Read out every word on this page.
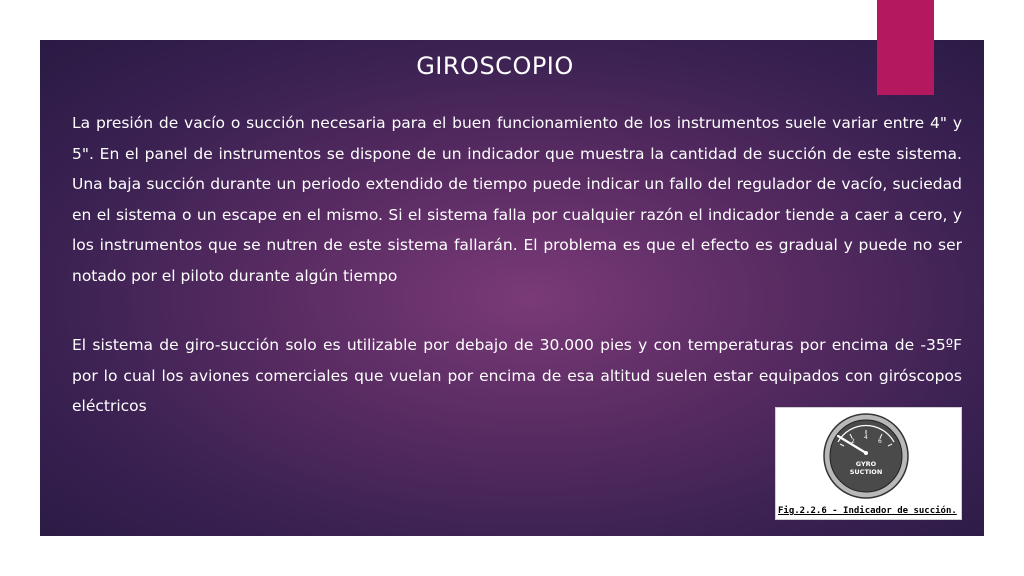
GIROSCOPIO

La presión de vacío o succión necesaria para el buen funcionamiento de los instrumentos suele variar entre 4" y 5". En el panel de instrumentos se dispone de un indicador que muestra la cantidad de succión de este sistema. Una baja succión durante un periodo extendido de tiempo puede indicar un fallo del regulador de vacío, suciedad en el sistema o un escape en el mismo. Si el sistema falla por cualquier razón el indicador tiende a caer a cero, y los instrumentos que se nutren de este sistema fallarán. El problema es que el efecto es gradual y puede no ser notado por el piloto durante algún tiempo

El sistema de giro-succión solo es utilizable por debajo de 30.000 pies y con temperaturas por encima de -35ºF por lo cual los aviones comerciales que vuelan por encima de esa altitud suelen estar equipados con giróscopos eléctricos

2
4
6
GYRO
SUCTION
Fig.2.2.6 - Indicador de succión.
